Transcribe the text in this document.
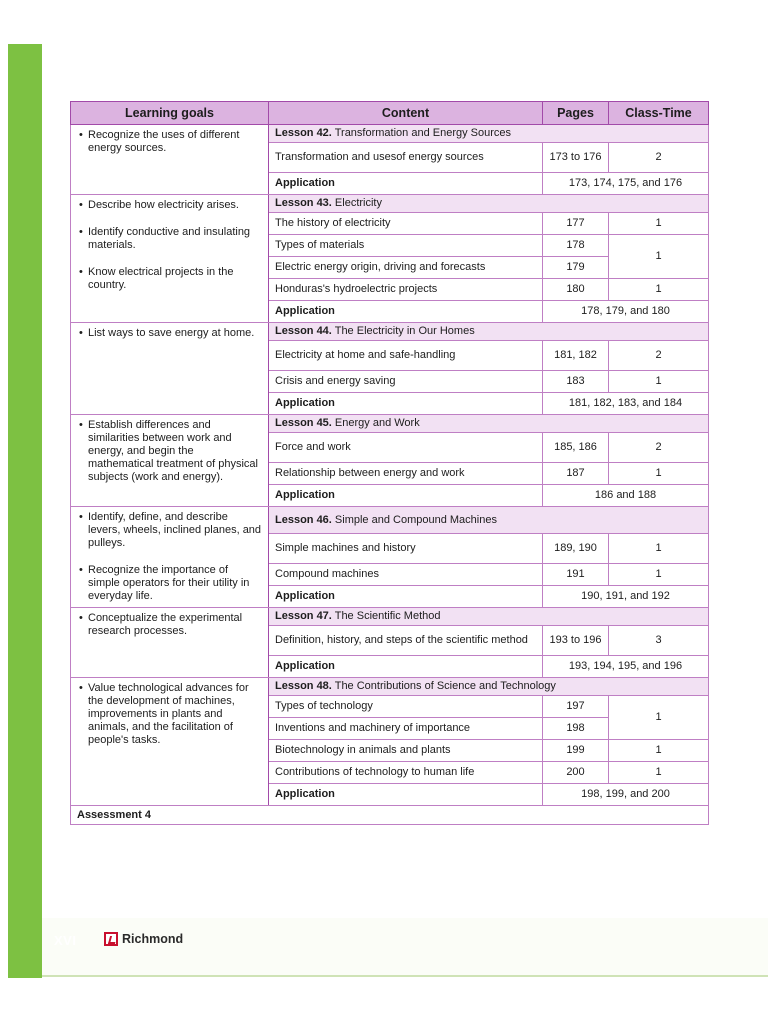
XVI	Richmond
Learning goals	Content	Pages	Class-Time

• Recognize the uses of different energy sources.	Lesson 42. Transformation and Energy Sources		
	Transformation and usesof energy sources	173 to 176	2
	Application	173, 174, 175, and 176	

• Describe how electricity arises.
• Identify conductive and insulating materials.
• Know electrical projects in the country.	Lesson 43. Electricity		
	The history of electricity	177	1
	Types of materials	178	1
	Electric energy origin, driving and forecasts	179	
	Honduras's hydroelectric projects	180	1
	Application	178, 179, and 180	

• List ways to save energy at home.	Lesson 44. The Electricity in Our Homes		
	Electricity at home and safe-handling	181, 182	2
	Crisis and energy saving	183	1
	Application	181, 182, 183, and 184	

• Establish differences and similarities between work and energy, and begin the mathematical treatment of physical subjects (work and energy).	Lesson 45. Energy and Work		
	Force and work	185, 186	2
	Relationship between energy and work	187	1
	Application	186 and 188	

• Identify, define, and describe levers, wheels, inclined planes, and pulleys.
• Recognize the importance of simple operators for their utility in everyday life.	Lesson 46. Simple and Compound Machines		
	Simple machines and history	189, 190	1
	Compound machines	191	1
	Application	190, 191, and 192	

• Conceptualize the experimental research processes.	Lesson 47. The Scientific Method		
	Definition, history, and steps of the scientific method	193 to 196	3
	Application	193, 194, 195, and 196	

• Value technological advances for the development of machines, improvements in plants and animals, and the facilitation of people's tasks.	Lesson 48. The Contributions of Science and Technology		
	Types of technology	197	1
	Inventions and machinery of importance	198	
	Biotechnology in animals and plants	199	1
	Contributions of technology to human life	200	1
	Application	198, 199, and 200	
Assessment 4			
